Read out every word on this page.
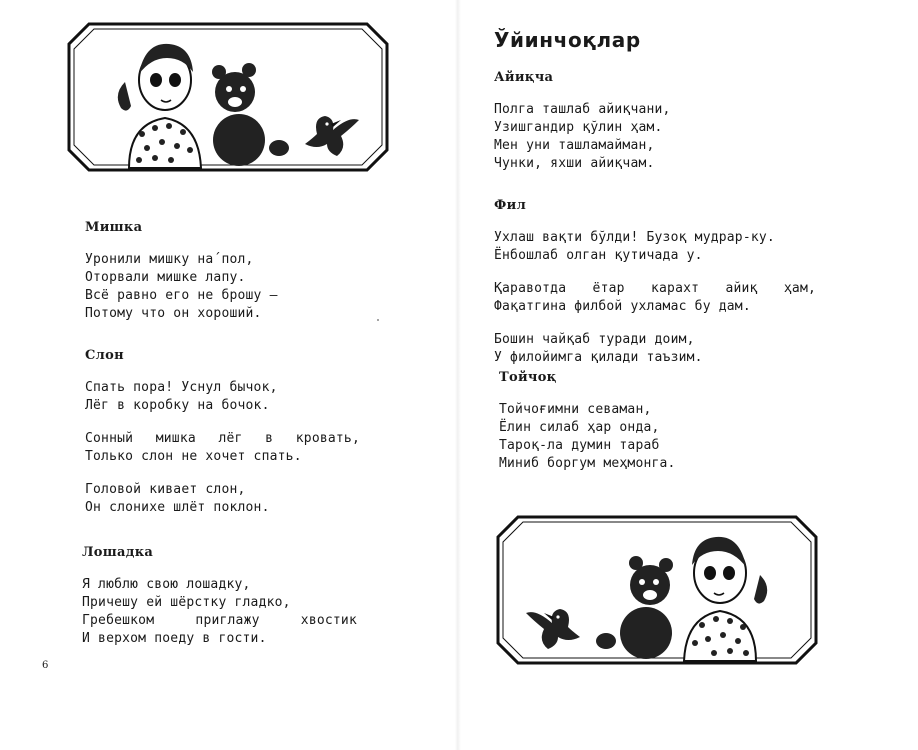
Мишка
Уронили мишку на´пол,
Оторвали мишке лапу.
Всё равно его не брошу —
Потому что он хороший.
Слон
Спать пора! Уснул бычок,
Лёг в коробку на бочок.
Сонный мишка лёг в кровать,
Только слон не хочет спать.
Головой кивает слон,
Он слонихе шлёт поклон.
Лошадка
Я люблю свою лошадку,
Причешу ей шёрстку гладко,
Гребешком приглажу хвостик
И верхом поеду в гости.
6
Ўйинчоқлар
Айиқча
Полга ташлаб айиқчани,
Узишгандир қўлин ҳам.
Мен уни ташламайман,
Чунки, яхши айиқчам.
Фил
Ухлаш вақти бўлди! Бузоқ мудрар-ку.
Ёнбошлаб олган қутичада у.
Қаравотда ётар карахт айиқ ҳам,
Фақатгина филбой ухламас бу дам.
Бошин чайқаб туради доим,
У филойимга қилади таъзим.
Тойчоқ
Тойчоғимни севаман,
Ёлин силаб ҳар онда,
Тароқ-ла думин тараб
Миниб боргум меҳмонга.
